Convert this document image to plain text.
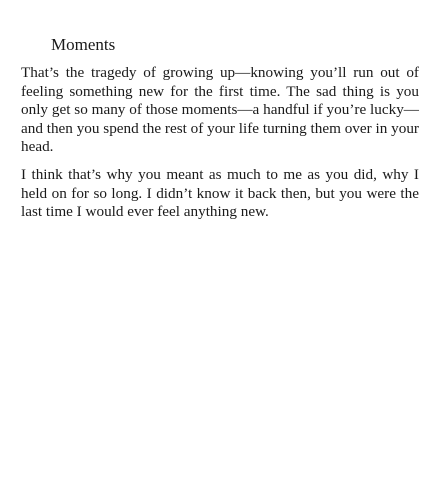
Moments

That’s the tragedy of growing up—knowing you’ll run out of feeling something new for the first time. The sad thing is you only get so many of those moments—a handful if you’re lucky—and then you spend the rest of your life turning them over in your head.

I think that’s why you meant as much to me as you did, why I held on for so long. I didn’t know it back then, but you were the last time I would ever feel anything new.
